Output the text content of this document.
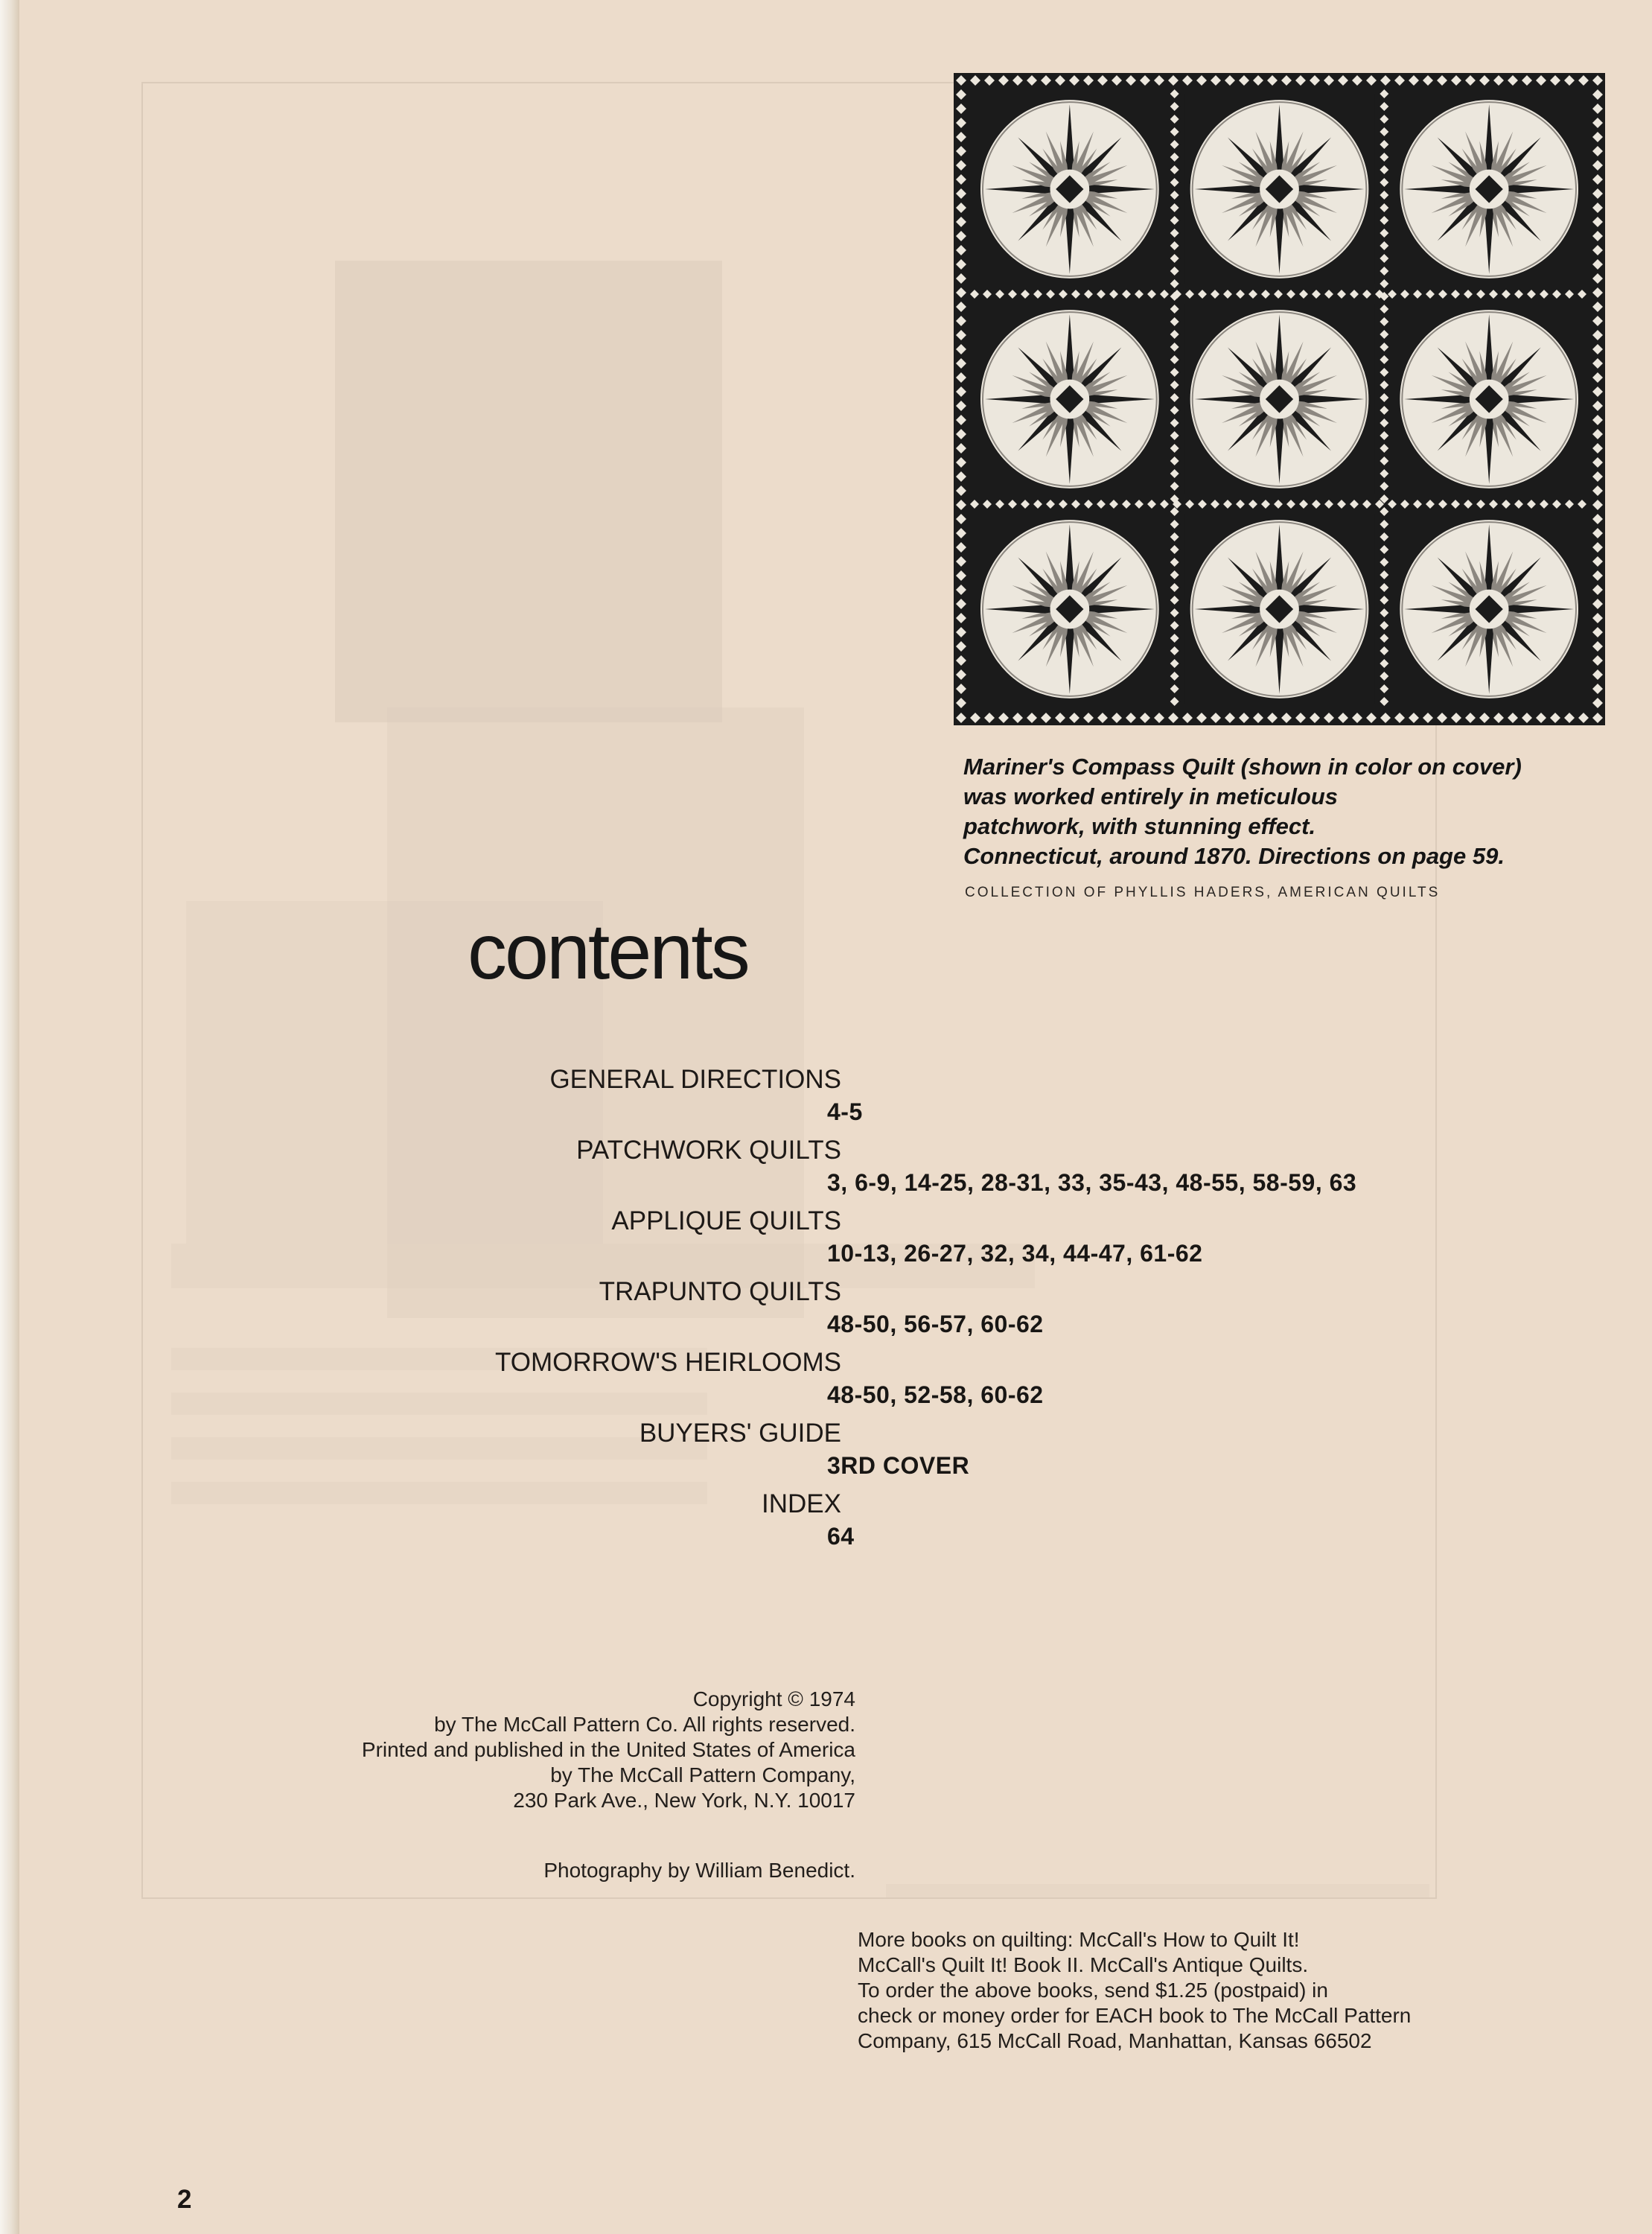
Mariner's Compass Quilt (shown in color on cover)
was worked entirely in meticulous
patchwork, with stunning effect.
Connecticut, around 1870. Directions on page 59.
COLLECTION OF PHYLLIS HADERS, AMERICAN QUILTS
contents
GENERAL DIRECTIONS
4-5
PATCHWORK QUILTS
3, 6-9, 14-25, 28-31, 33, 35-43, 48-55, 58-59, 63
APPLIQUE QUILTS
10-13, 26-27, 32, 34, 44-47, 61-62
TRAPUNTO QUILTS
48-50, 56-57, 60-62
TOMORROW'S HEIRLOOMS
48-50, 52-58, 60-62
BUYERS' GUIDE
3RD COVER
INDEX
64
Copyright © 1974
by The McCall Pattern Co. All rights reserved.
Printed and published in the United States of America
by The McCall Pattern Company,
230 Park Ave., New York, N.Y. 10017
Photography by William Benedict.
More books on quilting: McCall's How to Quilt It!
McCall's Quilt It! Book II. McCall's Antique Quilts.
To order the above books, send $1.25 (postpaid) in
check or money order for EACH book to The McCall Pattern
Company, 615 McCall Road, Manhattan, Kansas 66502
2
